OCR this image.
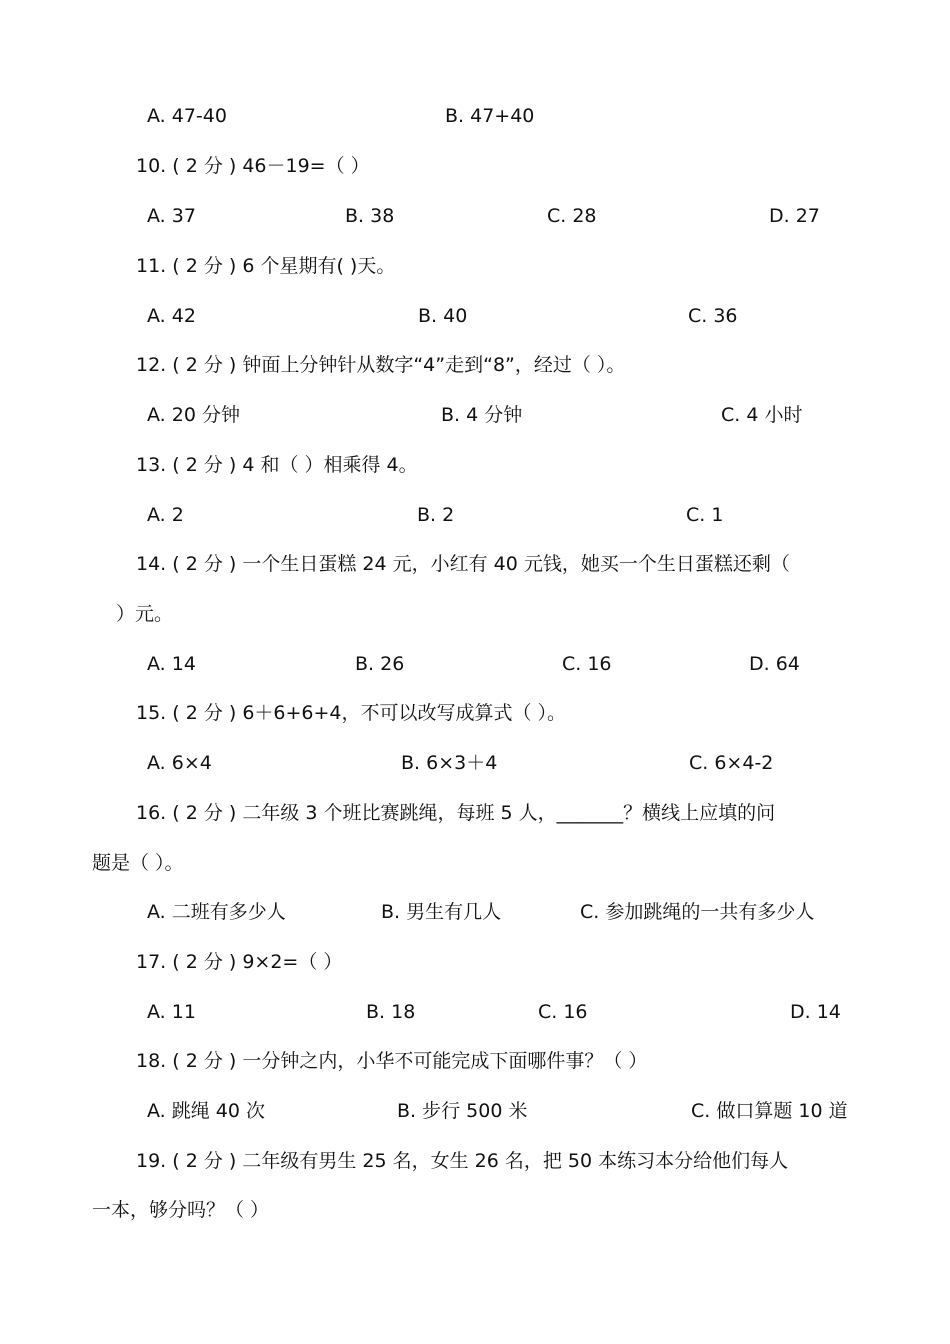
A. 47-40	B. 47+40
10. ( 2 分 ) 46－19=（ ）
A. 37	B. 38	C. 28	D. 27
11. ( 2 分 ) 6 个星期有( )天。
A. 42	B. 40	C. 36
12. ( 2 分 ) 钟面上分钟针从数字“4”走到“8”，经过（ ）。
A. 20 分钟	B. 4 分钟	C. 4 小时
13. ( 2 分 ) 4 和（ ）相乘得 4。
A. 2	B. 2	C. 1
14. ( 2 分 ) 一个生日蛋糕 24 元，小红有 40 元钱，她买一个生日蛋糕还剩（
）元。
A. 14	B. 26	C. 16	D. 64
15. ( 2 分 ) 6＋6+6+4，不可以改写成算式（ ）。
A. 6×4	B. 6×3＋4	C. 6×4-2
16. ( 2 分 ) 二年级 3 个班比赛跳绳，每班 5 人，_______？横线上应填的问
题是（ ）。
A. 二班有多少人	B. 男生有几人	C. 参加跳绳的一共有多少人
17. ( 2 分 ) 9×2=（ ）
A. 11	B. 18	C. 16	D. 14
18. ( 2 分 ) 一分钟之内，小华不可能完成下面哪件事？（ ）
A. 跳绳 40 次	B. 步行 500 米	C. 做口算题 10 道
19. ( 2 分 ) 二年级有男生 25 名，女生 26 名，把 50 本练习本分给他们每人
一本，够分吗？（ ）
